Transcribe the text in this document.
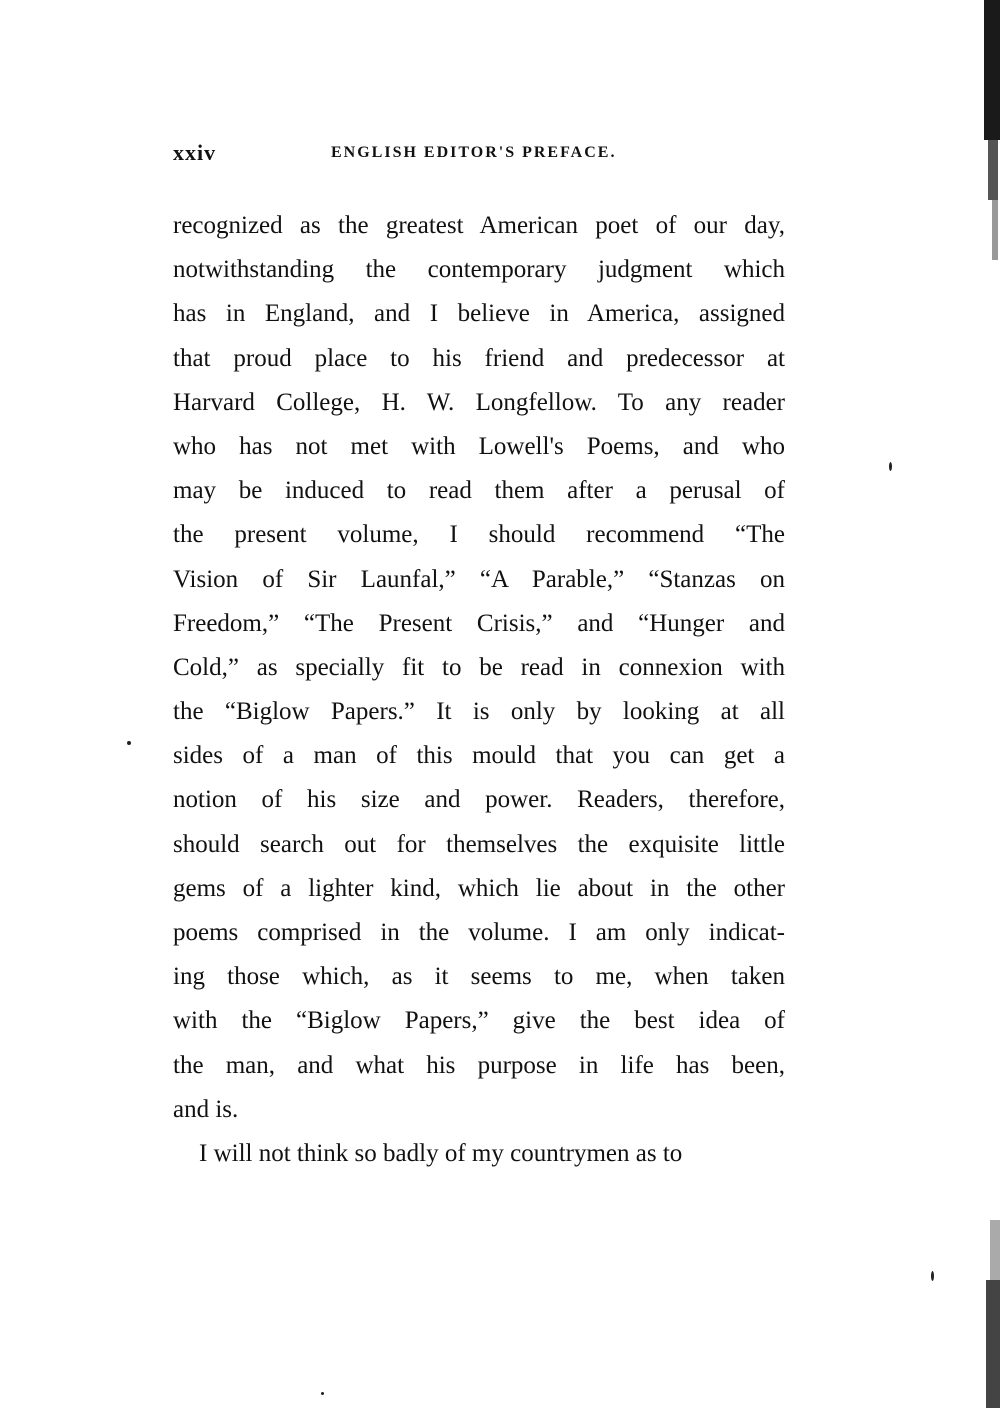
xxiv	ENGLISH EDITOR'S PREFACE.
recognized as the greatest American poet of our day,
notwithstanding the contemporary judgment which
has in England, and I believe in America, assigned
that proud place to his friend and predecessor at
Harvard College, H. W. Longfellow. To any reader
who has not met with Lowell's Poems, and who
may be induced to read them after a perusal of
the present volume, I should recommend “The
Vision of Sir Launfal,” “A Parable,” “Stanzas on
Freedom,” “The Present Crisis,” and “Hunger and
Cold,” as specially fit to be read in connexion with
the “Biglow Papers.” It is only by looking at all
sides of a man of this mould that you can get a
notion of his size and power. Readers, therefore,
should search out for themselves the exquisite little
gems of a lighter kind, which lie about in the other
poems comprised in the volume. I am only indicat-
ing those which, as it seems to me, when taken
with the “Biglow Papers,” give the best idea of
the man, and what his purpose in life has been,
and is.
I will not think so badly of my countrymen as to
